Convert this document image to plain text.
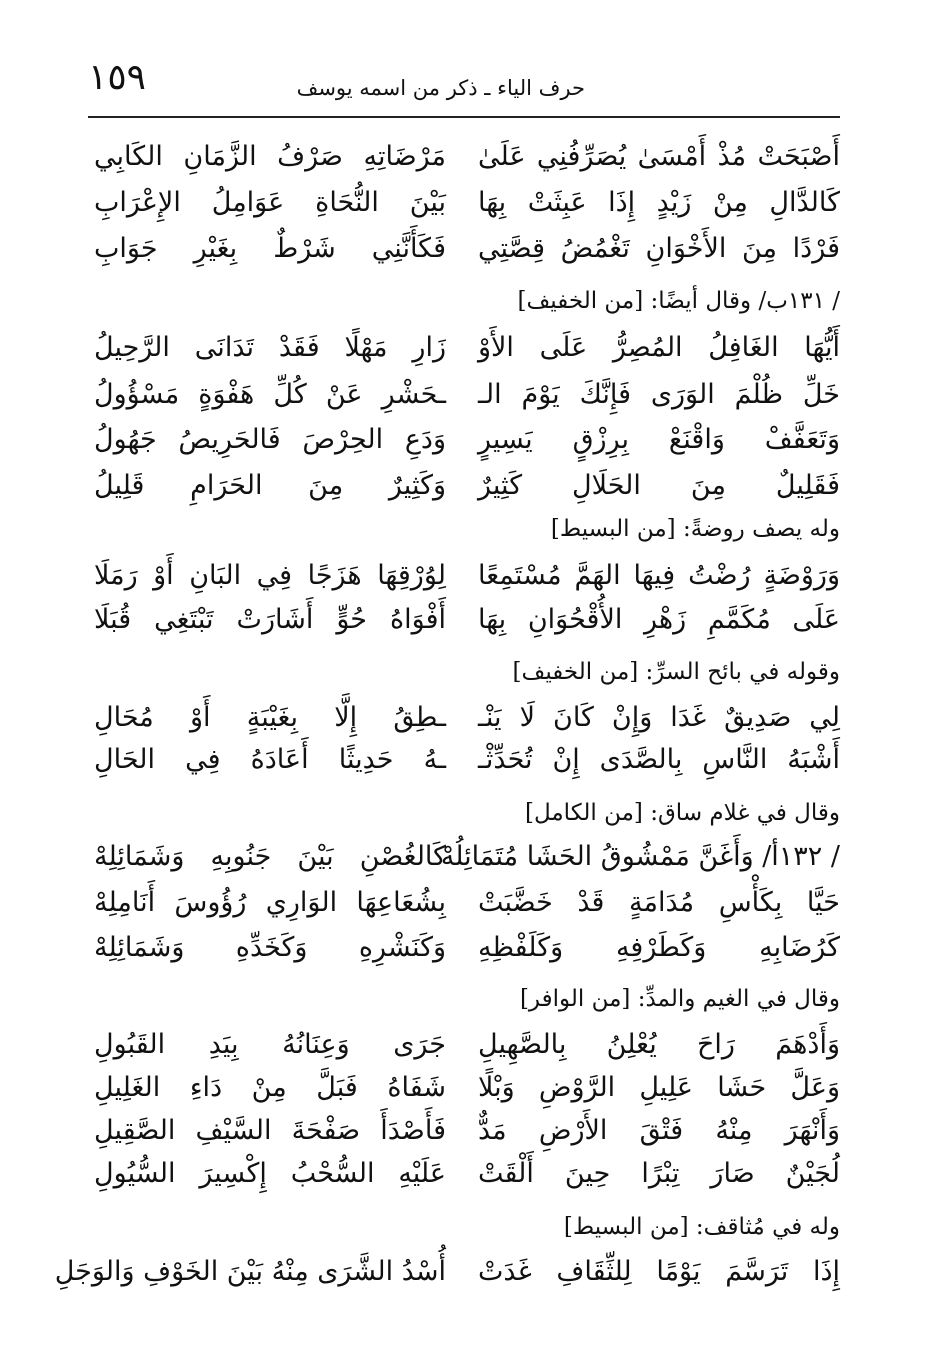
١٥٩	حرف الياء ـ ذكر من اسمه يوسف
أَصْبَحَتْ مُذْ أَمْسَىٰ يُصَرِّفُنِي عَلَىٰ
مَرْضَاتِهِ صَرْفُ الزَّمَانِ الكَابِي
كَالدَّالِ مِنْ زَيْدٍ إِذَا عَبِثَتْ بِهَا
بَيْنَ النُّحَاةِ عَوَامِلُ الإِعْرَابِ
فَرْدًا مِنَ الأَخْوَانِ تَغْمُضُ قِصَّتِي
فَكَأَنَّنِي شَرْطٌ بِغَيْرِ جَوَابِ
/ ١٣١ب/ وقال أيضًا: [من الخفيف]
أَيُّهَا الغَافِلُ المُصِرُّ عَلَى الأَوْ
زَارِ مَهْلًا فَقَدْ تَدَانَى الرَّحِيلُ
خَلِّ ظُلْمَ الوَرَى فَإِنَّكَ يَوْمَ الـ
ـحَشْرِ عَنْ كُلِّ هَفْوَةٍ مَسْؤُولُ
وَتَعَفَّفْ وَاقْنَعْ بِرِزْقٍ يَسِيرٍ
وَدَعِ الحِرْصَ فَالحَرِيصُ جَهُولُ
فَقَلِيلٌ مِنَ الحَلَالِ كَثِيرٌ
وَكَثِيرٌ مِنَ الحَرَامِ قَلِيلُ
وله يصف روضةً: [من البسيط]
وَرَوْضَةٍ رُضْتُ فِيهَا الهَمَّ مُسْتَمِعًا
لِوُرْقِهَا هَزَجًا فِي البَانِ أَوْ رَمَلَا
عَلَى مُكَمَّمِ زَهْرِ الأُقْحُوَانِ بِهَا
أَفْوَاهُ حُوٍّ أَشَارَتْ تَبْتَغِي قُبَلَا
وقوله في بائح السرِّ: [من الخفيف]
لِي صَدِيقٌ غَدَا وَإِنْ كَانَ لَا يَنْـ
ـطِقُ إِلَّا بِغَيْبَةٍ أَوْ مُحَالِ
أَشْبَهُ النَّاسِ بِالصَّدَى إِنْ تُحَدِّثْـ
ـهُ حَدِيثًا أَعَادَهُ فِي الحَالِ
وقال في غلام ساق: [من الكامل]
/ ١٣٢أ/ وَأَغَنَّ مَمْشُوقُ الحَشَا مُتَمَائِلُهْ
كَالغُصْنِ بَيْنَ جَنُوبِهِ وَشَمَائِلِهْ
حَيَّا بِكَأْسِ مُدَامَةٍ قَدْ خَضَّبَتْ
بِشُعَاعِهَا الوَارِي رُؤُوسَ أَنَامِلِهْ
كَرُضَابِهِ وَكَطَرْفِهِ وَكَلَفْظِهِ
وَكَنَشْرِهِ وَكَخَدِّهِ وَشَمَائِلِهْ
وقال في الغيم والمدِّ: [من الوافر]
وَأَدْهَمَ رَاحَ يُعْلِنُ بِالصَّهِيلِ
جَرَى وَعِنَانُهُ بِيَدِ القَبُولِ
وَعَلَّ حَشَا عَلِيلِ الرَّوْضِ وَبْلًا
شَفَاهُ فَبَلَّ مِنْ دَاءِ الغَلِيلِ
وَأَنْهَرَ مِنْهُ فَتْقَ الأَرْضِ مَدٌّ
فَأَصْدَأَ صَفْحَةَ السَّيْفِ الصَّقِيلِ
لُجَيْنٌ صَارَ تِبْرًا حِينَ أَلْقَتْ
عَلَيْهِ السُّحْبُ إِكْسِيرَ السُّيُولِ
وله في مُثاقف: [من البسيط]
إِذَا تَرَسَّمَ يَوْمًا لِلثِّقَافِ غَدَتْ
أُسْدُ الشَّرَى مِنْهُ بَيْنَ الخَوْفِ وَالوَجَلِ
